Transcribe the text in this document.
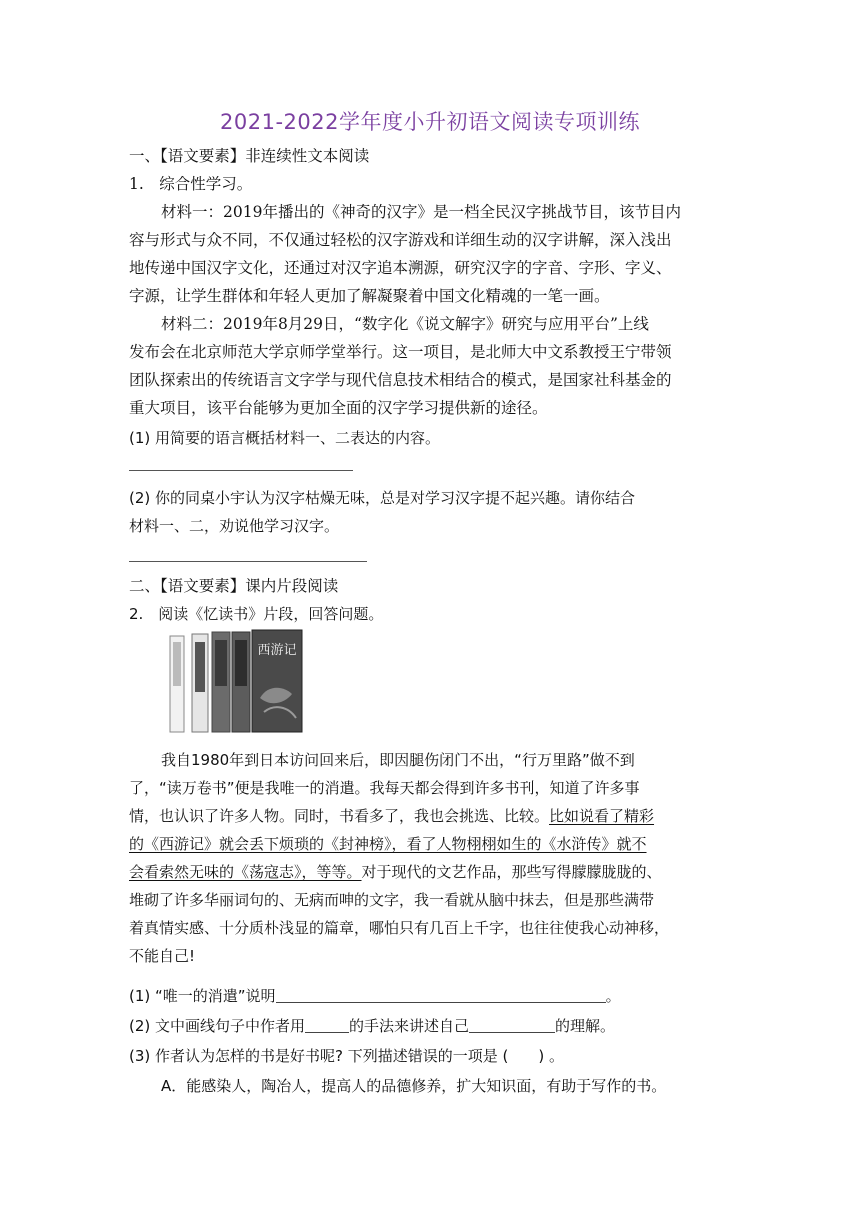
2021-2022学年度小升初语文阅读专项训练
一、【语文要素】非连续性文本阅读
1.　综合性学习。
材料一：2019年播出的《神奇的汉字》是一档全民汉字挑战节目，该节目内
容与形式与众不同，不仅通过轻松的汉字游戏和详细生动的汉字讲解，深入浅出
地传递中国汉字文化，还通过对汉字追本溯源，研究汉字的字音、字形、字义、
字源，让学生群体和年轻人更加了解凝聚着中国文化精魂的一笔一画。
材料二：2019年8月29日，“数字化《说文解字》研究与应用平台”上线
发布会在北京师范大学京师学堂举行。这一项目，是北师大中文系教授王宁带领
团队探索出的传统语言文字学与现代信息技术相结合的模式，是国家社科基金的
重大项目，该平台能够为更加全面的汉字学习提供新的途径。
(1) 用简要的语言概括材料一、二表达的内容。
(2) 你的同桌小宇认为汉字枯燥无味，总是对学习汉字提不起兴趣。请你结合
材料一、二，劝说他学习汉字。
二、【语文要素】课内片段阅读
2.　阅读《忆读书》片段，回答问题。
西游记
我自1980年到日本访问回来后，即因腿伤闭门不出，“行万里路”做不到
了，“读万卷书”便是我唯一的消遣。我每天都会得到许多书刊，知道了许多事
情，也认识了许多人物。同时，书看多了，我也会挑选、比较。比如说看了精彩
的《西游记》就会丢下烦琐的《封神榜》，看了人物栩栩如生的《水浒传》就不
会看索然无味的《荡寇志》，等等。对于现代的文艺作品，那些写得朦朦胧胧的、
堆砌了许多华丽词句的、无病而呻的文字，我一看就从脑中抹去，但是那些满带
着真情实感、十分质朴浅显的篇章，哪怕只有几百上千字，也往往使我心动神移，
不能自己!
(1) “唯一的消遣”说明	。
(2) 文中画线句子中作者用	的手法来讲述自己	的理解。
(3) 作者认为怎样的书是好书呢? 下列描述错误的一项是 (　　) 。
A．能感染人，陶冶人，提高人的品德修养，扩大知识面，有助于写作的书。
